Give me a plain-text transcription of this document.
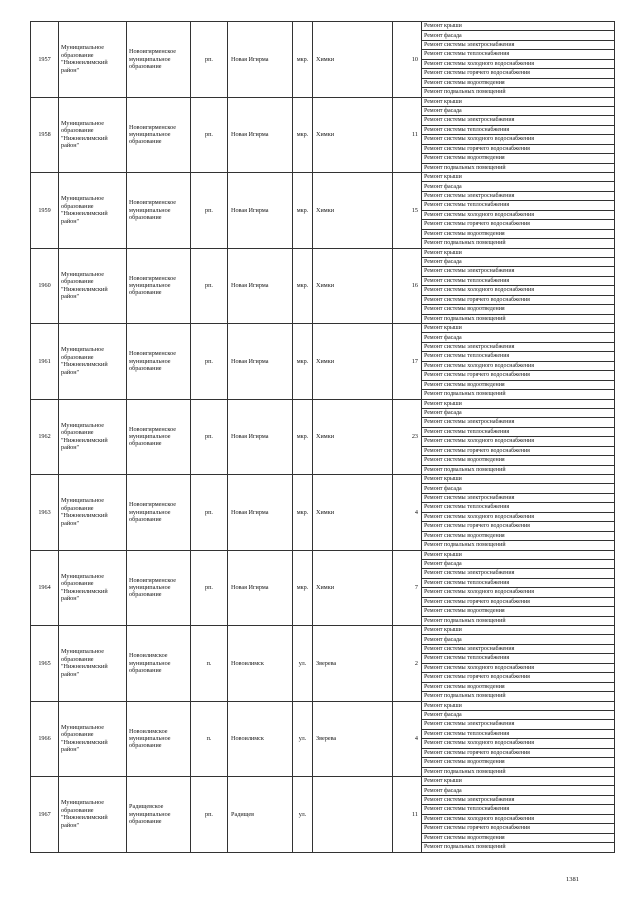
1957	Муниципальное образование "Нижнеилимский район"	Новоигирменское муниципальное образование	рп.	Новая Игирма	мкр.	Химки	10	Ремонт крыши
								Ремонт фасада
								Ремонт системы электроснабжения
								Ремонт системы теплоснабжения
								Ремонт системы холодного водоснабжения
								Ремонт системы горячего водоснабжения
								Ремонт системы водоотведения
								Ремонт подвальных помещений
1958	Муниципальное образование "Нижнеилимский район"	Новоигирменское муниципальное образование	рп.	Новая Игирма	мкр.	Химки	11	Ремонт крыши
								Ремонт фасада
								Ремонт системы электроснабжения
								Ремонт системы теплоснабжения
								Ремонт системы холодного водоснабжения
								Ремонт системы горячего водоснабжения
								Ремонт системы водоотведения
								Ремонт подвальных помещений
1959	Муниципальное образование "Нижнеилимский район"	Новоигирменское муниципальное образование	рп.	Новая Игирма	мкр.	Химки	15	Ремонт крыши
								Ремонт фасада
								Ремонт системы электроснабжения
								Ремонт системы теплоснабжения
								Ремонт системы холодного водоснабжения
								Ремонт системы горячего водоснабжения
								Ремонт системы водоотведения
								Ремонт подвальных помещений
1960	Муниципальное образование "Нижнеилимский район"	Новоигирменское муниципальное образование	рп.	Новая Игирма	мкр.	Химки	16	Ремонт крыши
								Ремонт фасада
								Ремонт системы электроснабжения
								Ремонт системы теплоснабжения
								Ремонт системы холодного водоснабжения
								Ремонт системы горячего водоснабжения
								Ремонт системы водоотведения
								Ремонт подвальных помещений
1961	Муниципальное образование "Нижнеилимский район"	Новоигирменское муниципальное образование	рп.	Новая Игирма	мкр.	Химки	17	Ремонт крыши
								Ремонт фасада
								Ремонт системы электроснабжения
								Ремонт системы теплоснабжения
								Ремонт системы холодного водоснабжения
								Ремонт системы горячего водоснабжения
								Ремонт системы водоотведения
								Ремонт подвальных помещений
1962	Муниципальное образование "Нижнеилимский район"	Новоигирменское муниципальное образование	рп.	Новая Игирма	мкр.	Химки	23	Ремонт крыши
								Ремонт фасада
								Ремонт системы электроснабжения
								Ремонт системы теплоснабжения
								Ремонт системы холодного водоснабжения
								Ремонт системы горячего водоснабжения
								Ремонт системы водоотведения
								Ремонт подвальных помещений
1963	Муниципальное образование "Нижнеилимский район"	Новоигирменское муниципальное образование	рп.	Новая Игирма	мкр.	Химки	4	Ремонт крыши
								Ремонт фасада
								Ремонт системы электроснабжения
								Ремонт системы теплоснабжения
								Ремонт системы холодного водоснабжения
								Ремонт системы горячего водоснабжения
								Ремонт системы водоотведения
								Ремонт подвальных помещений
1964	Муниципальное образование "Нижнеилимский район"	Новоигирменское муниципальное образование	рп.	Новая Игирма	мкр.	Химки	7	Ремонт крыши
								Ремонт фасада
								Ремонт системы электроснабжения
								Ремонт системы теплоснабжения
								Ремонт системы холодного водоснабжения
								Ремонт системы горячего водоснабжения
								Ремонт системы водоотведения
								Ремонт подвальных помещений
1965	Муниципальное образование "Нижнеилимский район"	Новоилимское муниципальное образование	п.	Новоилимск	ул.	Зверева	2	Ремонт крыши
								Ремонт фасада
								Ремонт системы электроснабжения
								Ремонт системы теплоснабжения
								Ремонт системы холодного водоснабжения
								Ремонт системы горячего водоснабжения
								Ремонт системы водоотведения
								Ремонт подвальных помещений
1966	Муниципальное образование "Нижнеилимский район"	Новоилимское муниципальное образование	п.	Новоилимск	ул.	Зверева	4	Ремонт крыши
								Ремонт фасада
								Ремонт системы электроснабжения
								Ремонт системы теплоснабжения
								Ремонт системы холодного водоснабжения
								Ремонт системы горячего водоснабжения
								Ремонт системы водоотведения
								Ремонт подвальных помещений
1967	Муниципальное образование "Нижнеилимский район"	Радищевское муниципальное образование	рп.	Радищев	ул.		11	Ремонт крыши
								Ремонт фасада
								Ремонт системы электроснабжения
								Ремонт системы теплоснабжения
								Ремонт системы холодного водоснабжения
								Ремонт системы горячего водоснабжения
								Ремонт системы водоотведения
								Ремонт подвальных помещений
1381
